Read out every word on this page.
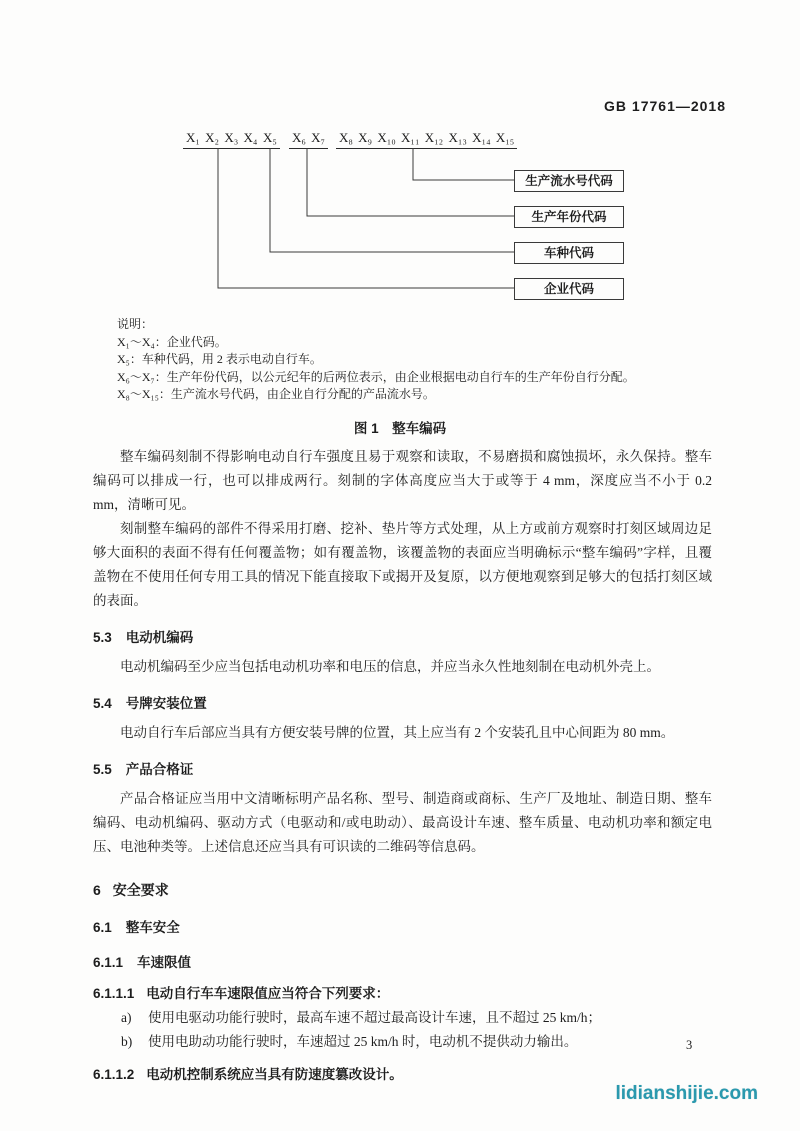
GB 17761—2018
X₁ X₂ X₃ X₄ X₅ X₆ X₇ X₈ X₉ X₁₀ X₁₁ X₁₂ X₁₃ X₁₄ X₁₅
生产流水号代码
生产年份代码
车种代码
企业代码
说明：
X₁～X₄：企业代码。
X₅：车种代码，用 2 表示电动自行车。
X₆～X₇：生产年份代码，以公元纪年的后两位表示，由企业根据电动自行车的生产年份自行分配。
X₈～X₁₅：生产流水号代码，由企业自行分配的产品流水号。
图 1　整车编码

整车编码刻制不得影响电动自行车强度且易于观察和读取，不易磨损和腐蚀损坏，永久保持。整车编码可以排成一行，也可以排成两行。刻制的字体高度应当大于或等于 4 mm，深度应当不小于 0.2 mm，清晰可见。

刻制整车编码的部件不得采用打磨、挖补、垫片等方式处理，从上方或前方观察时打刻区域周边足够大面积的表面不得有任何覆盖物；如有覆盖物，该覆盖物的表面应当明确标示“整车编码”字样，且覆盖物在不使用任何专用工具的情况下能直接取下或揭开及复原，以方便地观察到足够大的包括打刻区域的表面。

5.3 电动机编码

电动机编码至少应当包括电动机功率和电压的信息，并应当永久性地刻制在电动机外壳上。

5.4 号牌安装位置

电动自行车后部应当具有方便安装号牌的位置，其上应当有 2 个安装孔且中心间距为 80 mm。

5.5 产品合格证

产品合格证应当用中文清晰标明产品名称、型号、制造商或商标、生产厂及地址、制造日期、整车编码、电动机编码、驱动方式（电驱动和/或电助动）、最高设计车速、整车质量、电动机功率和额定电压、电池种类等。上述信息还应当具有可识读的二维码等信息码。

6 安全要求
6.1 整车安全
6.1.1 车速限值
6.1.1.1 电动自行车车速限值应当符合下列要求：
a)	使用电驱动功能行驶时，最高车速不超过最高设计车速，且不超过 25 km/h；
b)	使用电助动功能行驶时，车速超过 25 km/h 时，电动机不提供动力输出。
6.1.1.2 电动机控制系统应当具有防速度篡改设计。
3
lidianshijie.com
